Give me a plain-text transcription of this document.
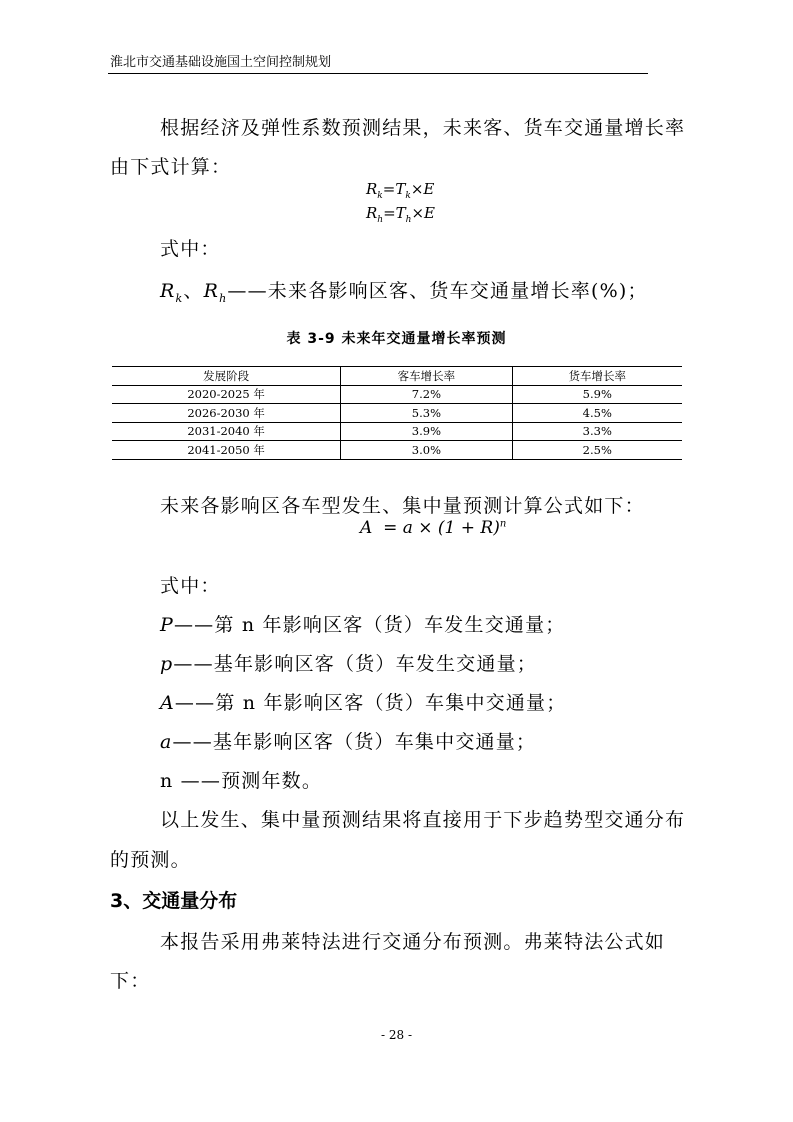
淮北市交通基础设施国土空间控制规划
根据经济及弹性系数预测结果，未来客、货车交通量增长率
由下式计算：
$R_k=T_k\times E$
$R_h=T_h\times E$
式中：
$R_k$、$R_h——$未来各影响区客、货车交通量增长率(%)；
表 3-9 未来年交通量增长率预测
发展阶段	客车增长率	货车增长率
2020-2025 年	7.2%	5.9%
2026-2030 年	5.3%	4.5%
2031-2040 年	3.9%	3.3%
2041-2050 年	3.0%	2.5%
未来各影响区各车型发生、集中量预测计算公式如下：
$A = a \times (1 + R)^n$
式中：
P——第 n 年影响区客（货）车发生交通量；
p——基年影响区客（货）车发生交通量；
A——第 n 年影响区客（货）车集中交通量；
a——基年影响区客（货）车集中交通量；
n ——预测年数。
以上发生、集中量预测结果将直接用于下步趋势型交通分布
的预测。
3、交通量分布
本报告采用弗莱特法进行交通分布预测。弗莱特法公式如
下：
- 28 -
